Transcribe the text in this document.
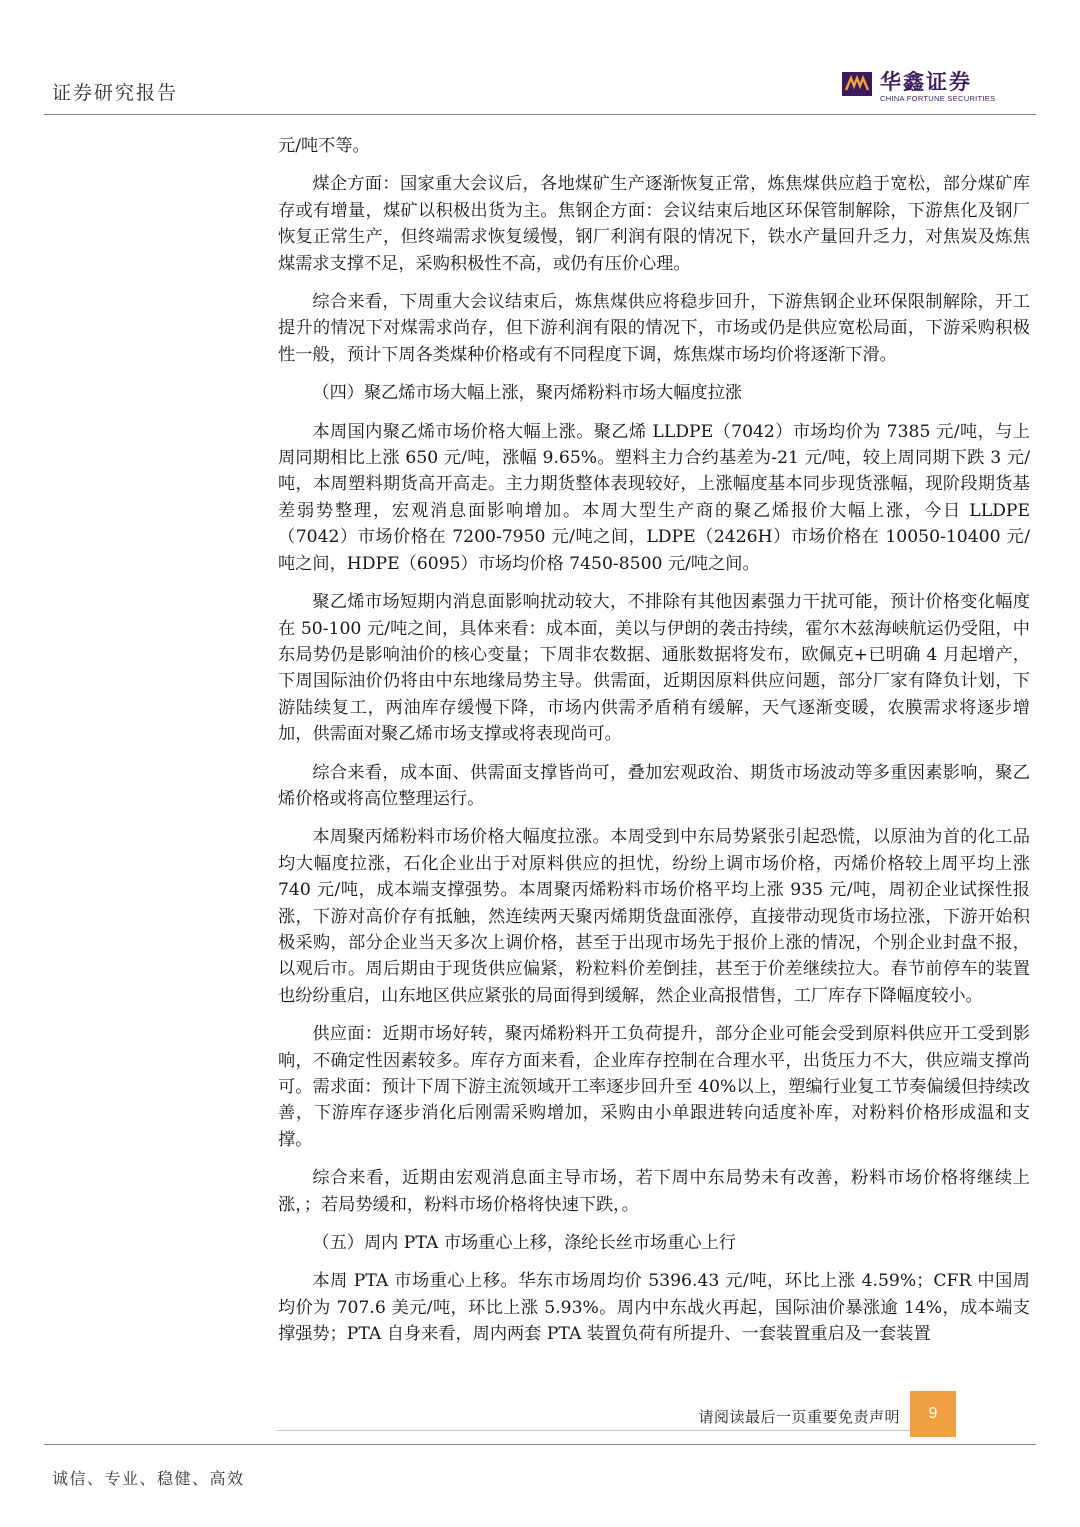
证券研究报告	华鑫证券
CHINA FORTUNE SECURITIES

元/吨不等。

煤企方面：国家重大会议后，各地煤矿生产逐渐恢复正常，炼焦煤供应趋于宽松，部分煤矿库存或有增量，煤矿以积极出货为主。焦钢企方面：会议结束后地区环保管制解除，下游焦化及钢厂恢复正常生产，但终端需求恢复缓慢，钢厂利润有限的情况下，铁水产量回升乏力，对焦炭及炼焦煤需求支撑不足，采购积极性不高，或仍有压价心理。

综合来看，下周重大会议结束后，炼焦煤供应将稳步回升，下游焦钢企业环保限制解除，开工提升的情况下对煤需求尚存，但下游利润有限的情况下，市场或仍是供应宽松局面，下游采购积极性一般，预计下周各类煤种价格或有不同程度下调，炼焦煤市场均价将逐渐下滑。

（四）聚乙烯市场大幅上涨，聚丙烯粉料市场大幅度拉涨

本周国内聚乙烯市场价格大幅上涨。聚乙烯 LLDPE（7042）市场均价为 7385 元/吨，与上周同期相比上涨 650 元/吨，涨幅 9.65%。塑料主力合约基差为-21 元/吨，较上周同期下跌 3 元/吨，本周塑料期货高开高走。主力期货整体表现较好，上涨幅度基本同步现货涨幅，现阶段期货基差弱势整理，宏观消息面影响增加。本周大型生产商的聚乙烯报价大幅上涨，今日 LLDPE（7042）市场价格在 7200-7950 元/吨之间，LDPE（2426H）市场价格在 10050-10400 元/吨之间，HDPE（6095）市场均价格 7450-8500 元/吨之间。

聚乙烯市场短期内消息面影响扰动较大，不排除有其他因素强力干扰可能，预计价格变化幅度在 50-100 元/吨之间，具体来看：成本面，美以与伊朗的袭击持续，霍尔木兹海峡航运仍受阻，中东局势仍是影响油价的核心变量；下周非农数据、通胀数据将发布，欧佩克+已明确 4 月起增产，下周国际油价仍将由中东地缘局势主导。供需面，近期因原料供应问题，部分厂家有降负计划，下游陆续复工，两油库存缓慢下降，市场内供需矛盾稍有缓解，天气逐渐变暖，农膜需求将逐步增加，供需面对聚乙烯市场支撑或将表现尚可。

综合来看，成本面、供需面支撑皆尚可，叠加宏观政治、期货市场波动等多重因素影响，聚乙烯价格或将高位整理运行。

本周聚丙烯粉料市场价格大幅度拉涨。本周受到中东局势紧张引起恐慌，以原油为首的化工品均大幅度拉涨，石化企业出于对原料供应的担忧，纷纷上调市场价格，丙烯价格较上周平均上涨 740 元/吨，成本端支撑强势。本周聚丙烯粉料市场价格平均上涨 935 元/吨，周初企业试探性报涨，下游对高价存有抵触，然连续两天聚丙烯期货盘面涨停，直接带动现货市场拉涨，下游开始积极采购，部分企业当天多次上调价格，甚至于出现市场先于报价上涨的情况，个别企业封盘不报，以观后市。周后期由于现货供应偏紧，粉粒料价差倒挂，甚至于价差继续拉大。春节前停车的装置也纷纷重启，山东地区供应紧张的局面得到缓解，然企业高报惜售，工厂库存下降幅度较小。

供应面：近期市场好转，聚丙烯粉料开工负荷提升，部分企业可能会受到原料供应开工受到影响，不确定性因素较多。库存方面来看，企业库存控制在合理水平，出货压力不大，供应端支撑尚可。需求面：预计下周下游主流领域开工率逐步回升至 40%以上，塑编行业复工节奏偏缓但持续改善，下游库存逐步消化后刚需采购增加，采购由小单跟进转向适度补库，对粉料价格形成温和支撑。

综合来看，近期由宏观消息面主导市场，若下周中东局势未有改善，粉料市场价格将继续上涨，；若局势缓和，粉料市场价格将快速下跌，。

（五）周内 PTA 市场重心上移，涤纶长丝市场重心上行

本周 PTA 市场重心上移。华东市场周均价 5396.43 元/吨，环比上涨 4.59%；CFR 中国周均价为 707.6 美元/吨，环比上涨 5.93%。周内中东战火再起，国际油价暴涨逾 14%，成本端支撑强势；PTA 自身来看，周内两套 PTA 装置负荷有所提升、一套装置重启及一套装置

请阅读最后一页重要免责声明	9
诚信、专业、稳健、高效
